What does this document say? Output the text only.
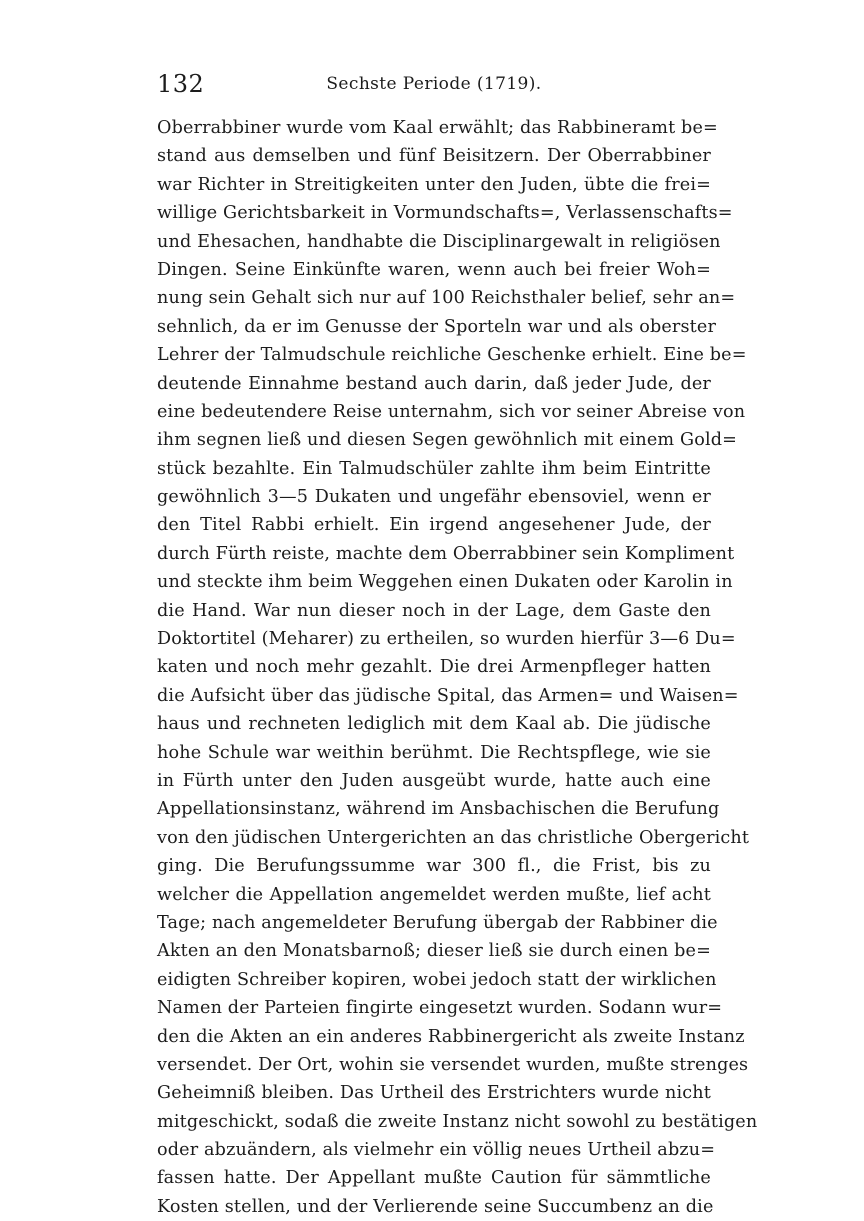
132	Sechste Periode (1719).
Oberrabbiner wurde vom Kaal erwählt; das Rabbineramt be=
stand aus demselben und fünf Beisitzern. Der Oberrabbiner
war Richter in Streitigkeiten unter den Juden, übte die frei=
willige Gerichtsbarkeit in Vormundschafts=, Verlassenschafts=
und Ehesachen, handhabte die Disciplinargewalt in religiösen
Dingen. Seine Einkünfte waren, wenn auch bei freier Woh=
nung sein Gehalt sich nur auf 100 Reichsthaler belief, sehr an=
sehnlich, da er im Genusse der Sporteln war und als oberster
Lehrer der Talmudschule reichliche Geschenke erhielt. Eine be=
deutende Einnahme bestand auch darin, daß jeder Jude, der
eine bedeutendere Reise unternahm, sich vor seiner Abreise von
ihm segnen ließ und diesen Segen gewöhnlich mit einem Gold=
stück bezahlte. Ein Talmudschüler zahlte ihm beim Eintritte
gewöhnlich 3—5 Dukaten und ungefähr ebensoviel, wenn er
den Titel Rabbi erhielt. Ein irgend angesehener Jude, der
durch Fürth reiste, machte dem Oberrabbiner sein Kompliment
und steckte ihm beim Weggehen einen Dukaten oder Karolin in
die Hand. War nun dieser noch in der Lage, dem Gaste den
Doktortitel (Meharer) zu ertheilen, so wurden hierfür 3—6 Du=
katen und noch mehr gezahlt. Die drei Armenpfleger hatten
die Aufsicht über das jüdische Spital, das Armen= und Waisen=
haus und rechneten lediglich mit dem Kaal ab. Die jüdische
hohe Schule war weithin berühmt. Die Rechtspflege, wie sie
in Fürth unter den Juden ausgeübt wurde, hatte auch eine
Appellationsinstanz, während im Ansbachischen die Berufung
von den jüdischen Untergerichten an das christliche Obergericht
ging. Die Berufungssumme war 300 fl., die Frist, bis zu
welcher die Appellation angemeldet werden mußte, lief acht
Tage; nach angemeldeter Berufung übergab der Rabbiner die
Akten an den Monatsbarnoß; dieser ließ sie durch einen be=
eidigten Schreiber kopiren, wobei jedoch statt der wirklichen
Namen der Parteien fingirte eingesetzt wurden. Sodann wur=
den die Akten an ein anderes Rabbinergericht als zweite Instanz
versendet. Der Ort, wohin sie versendet wurden, mußte strenges
Geheimniß bleiben. Das Urtheil des Erstrichters wurde nicht
mitgeschickt, sodaß die zweite Instanz nicht sowohl zu bestätigen
oder abzuändern, als vielmehr ein völlig neues Urtheil abzu=
fassen hatte. Der Appellant mußte Caution für sämmtliche
Kosten stellen, und der Verlierende seine Succumbenz an die
